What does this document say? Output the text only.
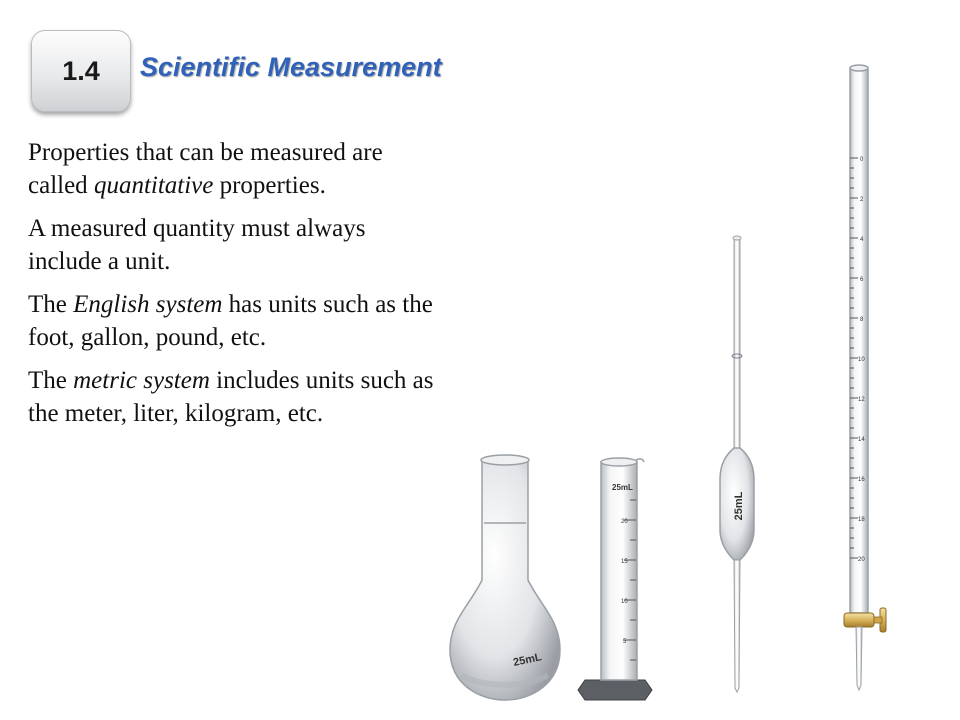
1.4 Scientific Measurement

Properties that can be measured are called quantitative properties.

A measured quantity must always include a unit.

The English system has units such as the foot, gallon, pound, etc.

The metric system includes units such as the meter, liter, kilogram, etc.

25mL
25mL
20
15
10
5
25mL
0
2
4
6
8
10
12
14
16
18
20
